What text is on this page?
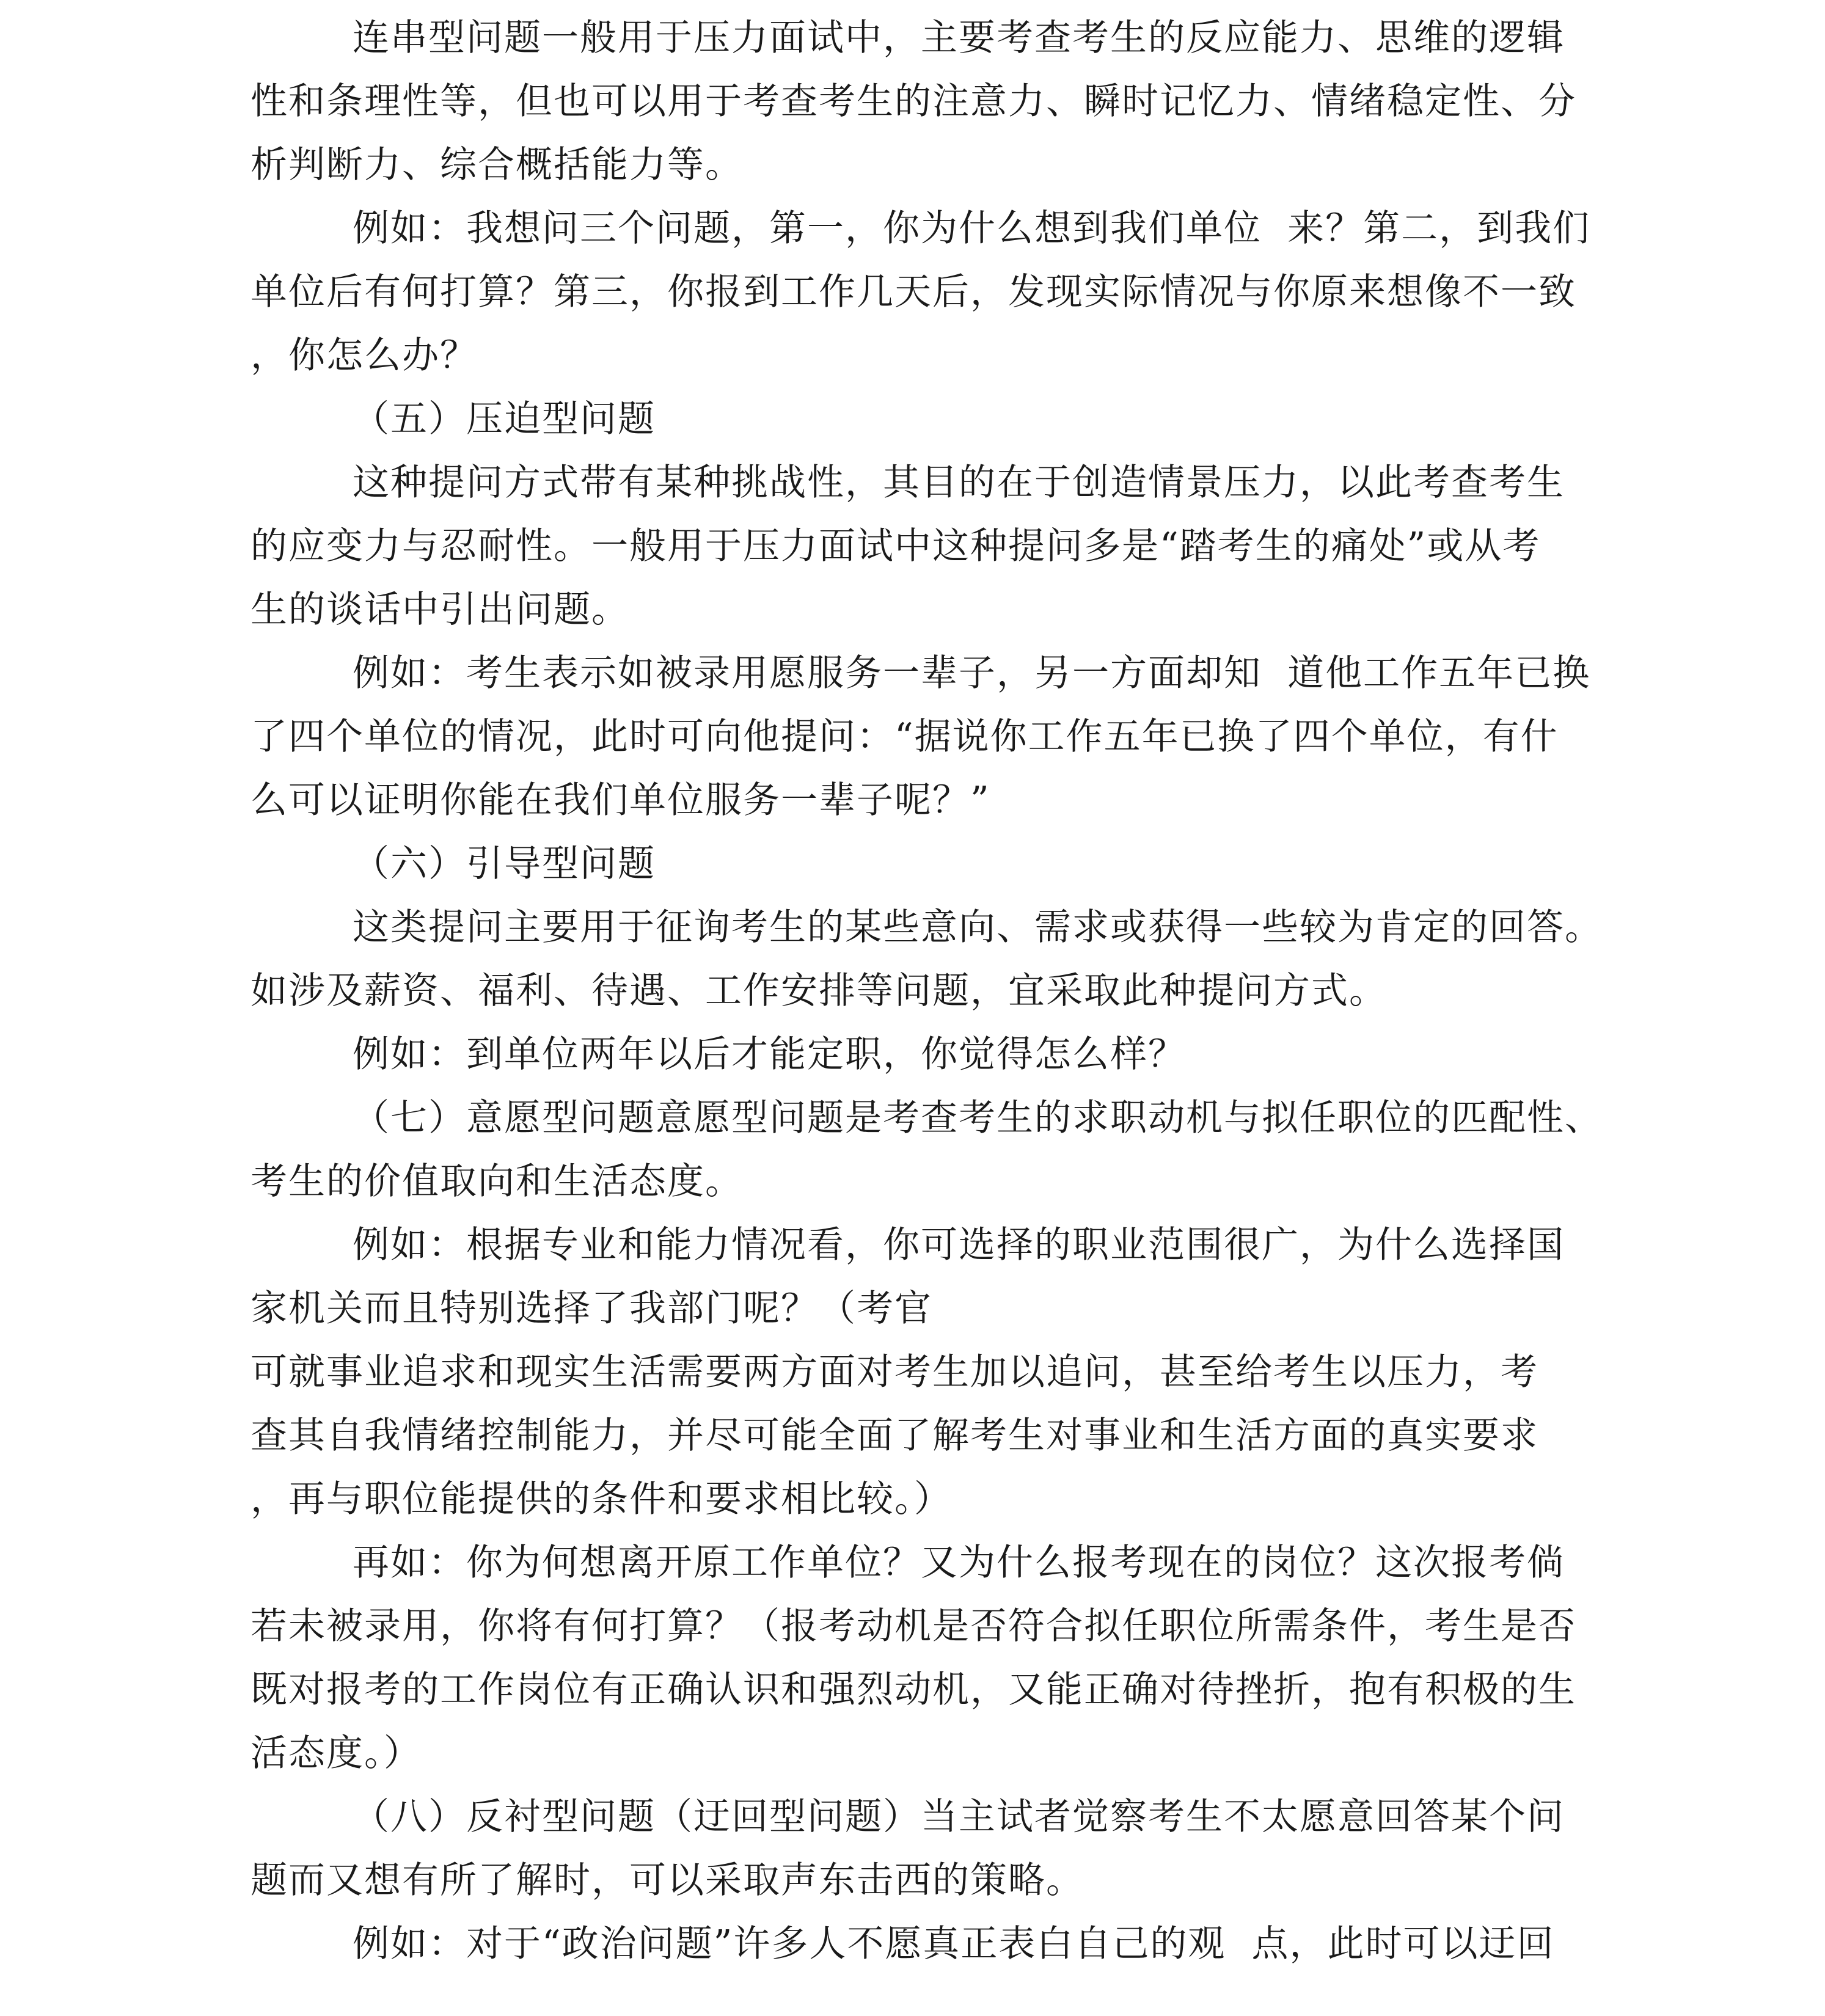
连串型问题一般用于压力面试中，主要考查考生的反应能力、思维的逻辑
性和条理性等，但也可以用于考查考生的注意力、瞬时记忆力、情绪稳定性、分
析判断力、综合概括能力等。
例如：我想问三个问题，第一，你为什么想到我们单位  来？第二，到我们
单位后有何打算？第三，你报到工作几天后，发现实际情况与你原来想像不一致
，你怎么办？
（五）压迫型问题
这种提问方式带有某种挑战性，其目的在于创造情景压力，以此考查考生
的应变力与忍耐性。一般用于压力面试中这种提问多是“踏考生的痛处”或从考
生的谈话中引出问题。
例如：考生表示如被录用愿服务一辈子，另一方面却知  道他工作五年已换
了四个单位的情况，此时可向他提问：“据说你工作五年已换了四个单位，有什
么可以证明你能在我们单位服务一辈子呢？”
（六）引导型问题
这类提问主要用于征询考生的某些意向、需求或获得一些较为肯定的回答。
如涉及薪资、福利、待遇、工作安排等问题，宜采取此种提问方式。
例如：到单位两年以后才能定职，你觉得怎么样？
（七）意愿型问题意愿型问题是考查考生的求职动机与拟任职位的匹配性、
考生的价值取向和生活态度。
例如：根据专业和能力情况看，你可选择的职业范围很广，为什么选择国
家机关而且特别选择了我部门呢？（考官
可就事业追求和现实生活需要两方面对考生加以追问，甚至给考生以压力，考
查其自我情绪控制能力，并尽可能全面了解考生对事业和生活方面的真实要求
，再与职位能提供的条件和要求相比较。）
再如：你为何想离开原工作单位？又为什么报考现在的岗位？这次报考倘
若未被录用，你将有何打算？（报考动机是否符合拟任职位所需条件，考生是否
既对报考的工作岗位有正确认识和强烈动机，又能正确对待挫折，抱有积极的生
活态度。）
（八）反衬型问题（迂回型问题）当主试者觉察考生不太愿意回答某个问
题而又想有所了解时，可以采取声东击西的策略。
例如：对于“政治问题”许多人不愿真正表白自己的观  点，此时可以迂回
